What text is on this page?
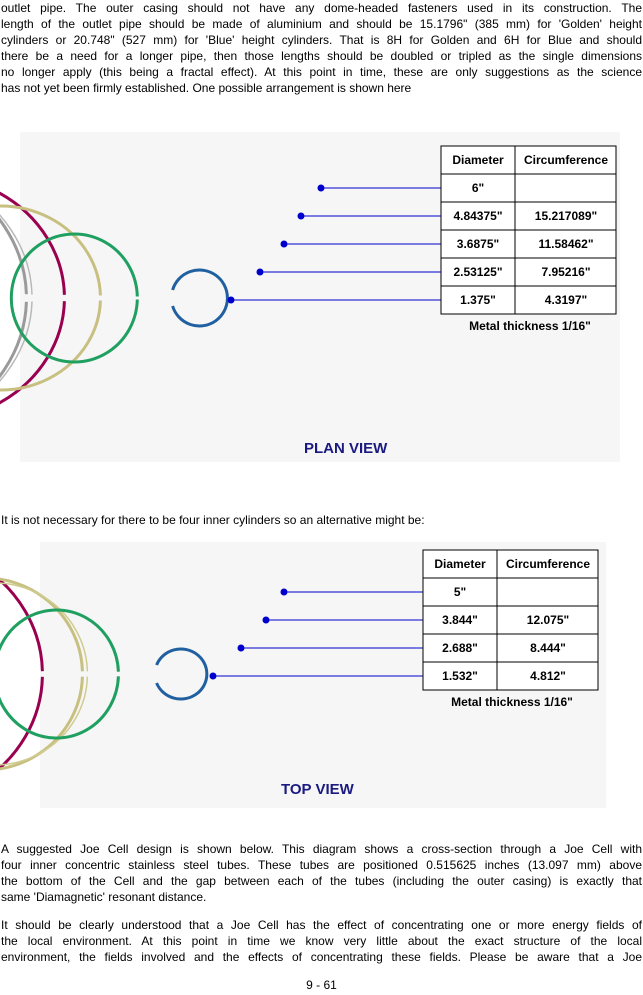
outlet pipe. The outer casing should not have any dome-headed fasteners used in its construction. The
length of the outlet pipe should be made of aluminium and should be 15.1796" (385 mm) for 'Golden' height
cylinders or 20.748" (527 mm) for 'Blue' height cylinders. That is 8H for Golden and 6H for Blue and should
there be a need for a longer pipe, then those lengths should be doubled or tripled as the single dimensions
no longer apply (this being a fractal effect). At this point in time, these are only suggestions as the science
has not yet been firmly established. One possible arrangement is shown here
Diameter Circumference
6"
4.84375"	15.217089"
3.6875"	11.58462"
2.53125"	7.95216"
1.375"	4.3197"
Metal thickness 1/16"
PLAN VIEW
It is not necessary for there to be four inner cylinders so an alternative might be:
Diameter Circumference
5"
3.844"	12.075"
2.688"	8.444"
1.532"	4.812"
Metal thickness 1/16"
TOP VIEW
A suggested Joe Cell design is shown below. This diagram shows a cross-section through a Joe Cell with
four inner concentric stainless steel tubes. These tubes are positioned 0.515625 inches (13.097 mm) above
the bottom of the Cell and the gap between each of the tubes (including the outer casing) is exactly that
same 'Diamagnetic' resonant distance.
It should be clearly understood that a Joe Cell has the effect of concentrating one or more energy fields of
the local environment. At this point in time we know very little about the exact structure of the local
environment, the fields involved and the effects of concentrating these fields. Please be aware that a Joe
9 - 61
